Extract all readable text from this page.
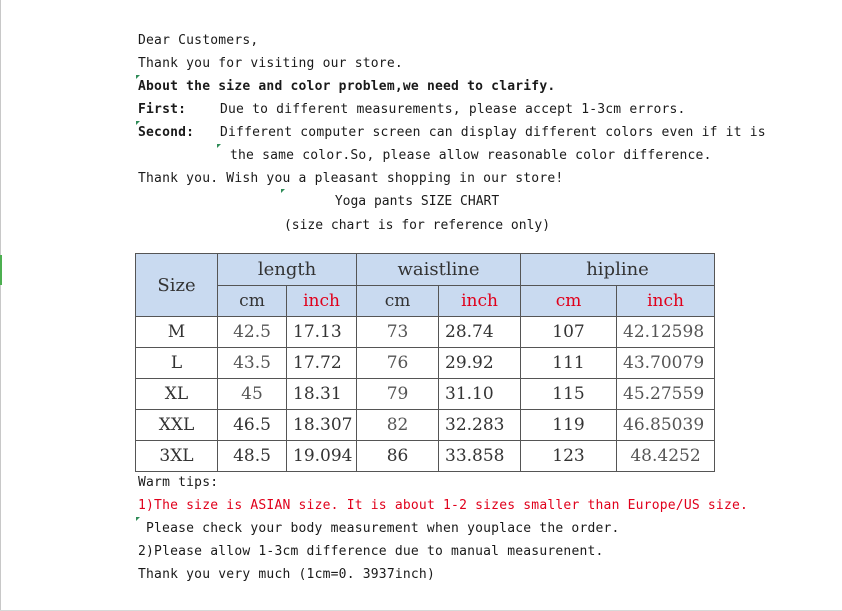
Dear Customers,
Thank you for visiting our store.
About the size and color problem,we need to clarify.
First:	Due to different measurements, please accept 1-3cm errors.
Second: Different computer screen can display different colors even if it is
the same color.So, please allow reasonable color difference.
Thank you. Wish you a pleasant shopping in our store!
Yoga pants SIZE CHART
(size chart is for reference only)
Size	length		waistline		hipline	
	cm	inch	cm	inch	cm	inch
M	42.5	17.13	73	28.74	107	42.12598
L	43.5	17.72	76	29.92	111	43.70079
XL	45	18.31	79	31.10	115	45.27559
XXL	46.5	18.307	82	32.283	119	46.85039
3XL	48.5	19.094	86	33.858	123	48.4252
Warm tips:
1)The size is ASIAN size. It is about 1-2 sizes smaller than Europe/US size.
Please check your body measurement when youplace the order.
2)Please allow 1-3cm difference due to manual measurenent.
Thank you very much (1cm=0. 3937inch)
